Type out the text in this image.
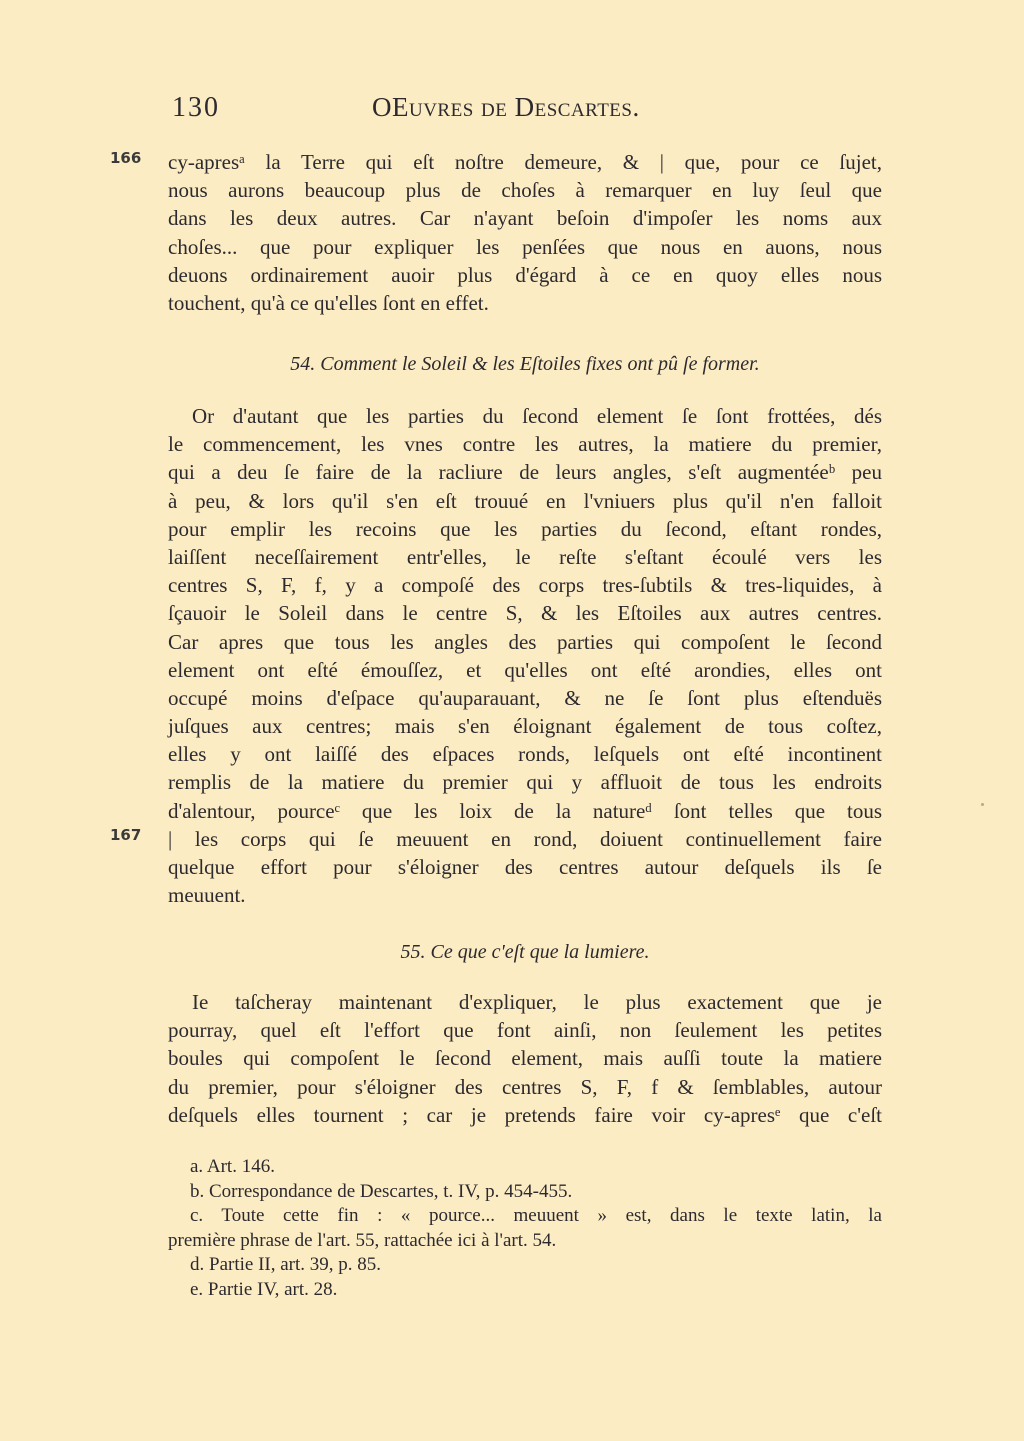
130	OEuvres de Descartes.
166
167
cy-apresᵃ la Terre qui eſt noſtre demeure, & | que, pour ce ſujet,
nous aurons beaucoup plus de choſes à remarquer en luy ſeul que
dans les deux autres. Car n'ayant beſoin d'impoſer les noms aux
choſes... que pour expliquer les penſées que nous en auons, nous
deuons ordinairement auoir plus d'égard à ce en quoy elles nous
touchent, qu'à ce qu'elles ſont en effet.
54. Comment le Soleil & les Eſtoiles fixes ont pû ſe former.
Or d'autant que les parties du ſecond element ſe ſont frottées, dés
le commencement, les vnes contre les autres, la matiere du premier,
qui a deu ſe faire de la racliure de leurs angles, s'eſt augmentéeᵇ peu
à peu, & lors qu'il s'en eſt trouué en l'vniuers plus qu'il n'en falloit
pour emplir les recoins que les parties du ſecond, eſtant rondes,
laiſſent neceſſairement entr'elles, le reſte s'eſtant écoulé vers les
centres S, F, f, y a compoſé des corps tres-ſubtils & tres-liquides, à
ſçauoir le Soleil dans le centre S, & les Eſtoiles aux autres centres.
Car apres que tous les angles des parties qui compoſent le ſecond
element ont eſté émouſſez, et qu'elles ont eſté arondies, elles ont
occupé moins d'eſpace qu'auparauant, & ne ſe ſont plus eſtenduës
juſques aux centres; mais s'en éloignant également de tous coſtez,
elles y ont laiſſé des eſpaces ronds, leſquels ont eſté incontinent
remplis de la matiere du premier qui y affluoit de tous les endroits
d'alentour, pourceᶜ que les loix de la natureᵈ ſont telles que tous
| les corps qui ſe meuuent en rond, doiuent continuellement faire
quelque effort pour s'éloigner des centres autour deſquels ils ſe
meuuent.
55. Ce que c'eſt que la lumiere.
Ie taſcheray maintenant d'expliquer, le plus exactement que je
pourray, quel eſt l'effort que font ainſi, non ſeulement les petites
boules qui compoſent le ſecond element, mais auſſi toute la matiere
du premier, pour s'éloigner des centres S, F, f & ſemblables, autour
deſquels elles tournent ; car je pretends faire voir cy-apresᵉ que c'eſt
a. Art. 146.
b. Correspondance de Descartes, t. IV, p. 454-455.
c. Toute cette fin : « pource... meuuent » est, dans le texte latin, la
première phrase de l'art. 55, rattachée ici à l'art. 54.
d. Partie II, art. 39, p. 85.
e. Partie IV, art. 28.
